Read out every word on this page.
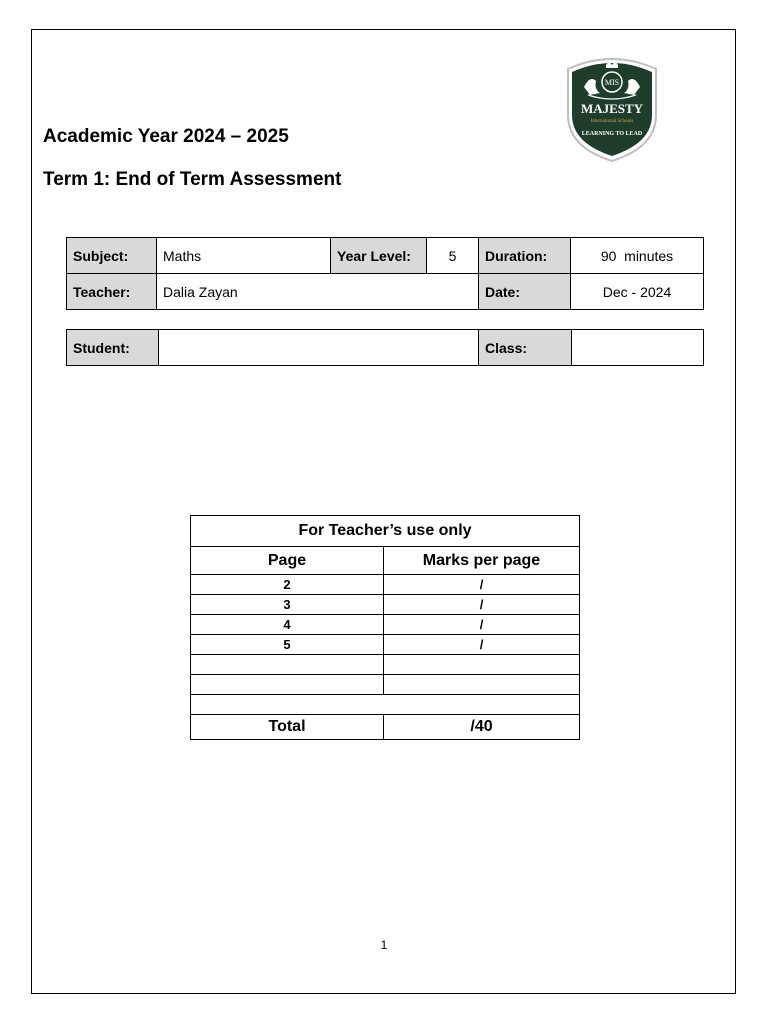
Academic Year 2024 – 2025
Term 1: End of Term Assessment
MIS
MAJESTY
International Schools
LEARNING TO LEAD
Subject:	Maths	Year Level:	5	Duration:	90  minutes
Teacher:	Dalia Zayan			Date:	Dec - 2024
Student:		Class:	
For Teacher’s use only	
Page	Marks per page
2	/
3	/
4	/
5	/

Total	/40
1
